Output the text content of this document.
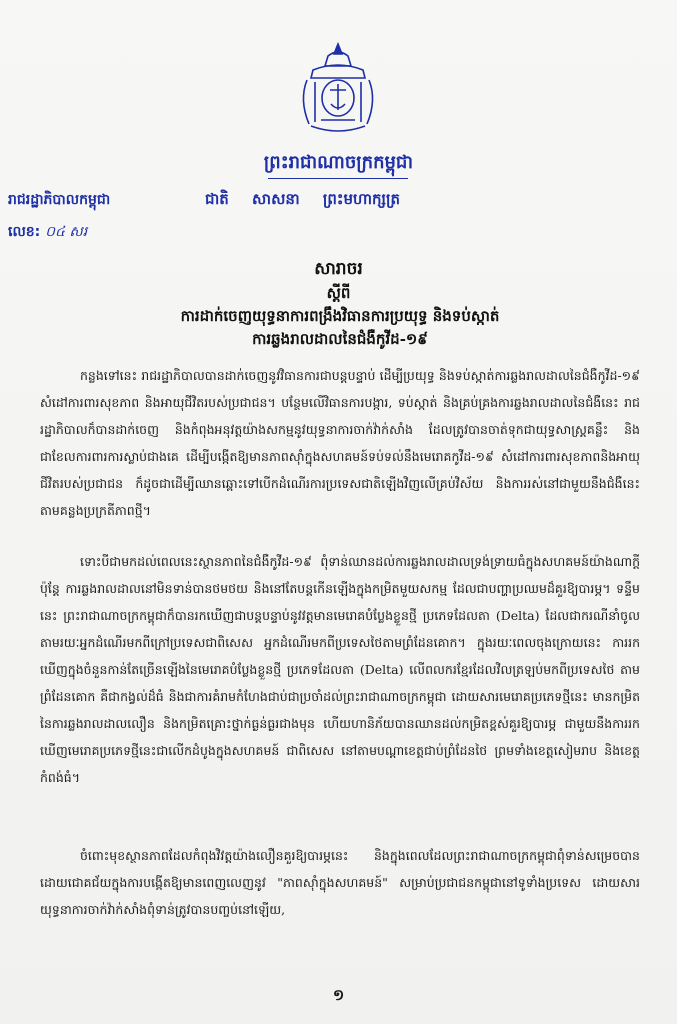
ព្រះរាជាណាចក្រកម្ពុជា
រាជរដ្ឋាភិបាលកម្ពុជា	ជាតិ សាសនា ព្រះមហាក្សត្រ
លេខ: ០៤ សរ
សារាចរ
ស្តីពី
ការដាក់ចេញយុទ្ធនាការពង្រឹងវិធានការប្រយុទ្ធ និងទប់ស្កាត់
ការឆ្លងរាលដាលនៃជំងឺកូវីដ-១៩
កន្លងទៅនេះ រាជរដ្ឋាភិបាលបានដាក់ចេញនូវវិធានការជាបន្តបន្ទាប់ ដើម្បីប្រយុទ្ធ និងទប់ស្កាត់ការឆ្លងរាលដាលនៃជំងឺកូវីដ-១៩ សំដៅការពារសុខភាព និងអាយុជីវិតរបស់ប្រជាជន។ បន្ថែមលើវិធានការបង្ការ, ទប់ស្កាត់ និងគ្រប់គ្រងការឆ្លងរាលដាលនៃជំងឺនេះ រាជរដ្ឋាភិបាលក៏បានដាក់ចេញ និងកំពុងអនុវត្តយ៉ាងសកម្មនូវយុទ្ធនាការចាក់វ៉ាក់សាំង ដែលត្រូវបានចាត់ទុកជាយុទ្ធសាស្ត្រគន្លឹះ និងជាខែលការពារការស្លាប់ជាងគេ ដើម្បីបង្កើតឱ្យមានភាពស៊ាំក្នុងសហគមន៍ទប់ទល់នឹងមេរោគកូវីដ-១៩ សំដៅការពារសុខភាពនិងអាយុជីវិតរបស់ប្រជាជន ក៏ដូចជាដើម្បីឈានឆ្ពោះទៅបើកដំណើរការប្រទេសជាតិឡើងវិញលើគ្រប់វិស័យ និងការរស់នៅជាមួយនឹងជំងឺនេះតាមគន្លងប្រក្រតីភាពថ្មី។
ទោះបីជាមកដល់ពេលនេះស្ថានភាពនៃជំងឺកូវីដ-១៩ ពុំទាន់ឈានដល់ការឆ្លងរាលដាលទ្រង់ទ្រាយធំក្នុងសហគមន៍យ៉ាងណាក្តី ប៉ុន្តែ ការឆ្លងរាលដាលនៅមិនទាន់បានថមថយ និងនៅតែបន្តកើនឡើងក្នុងកម្រិតមួយសកម្ម ដែលជាបញ្ហាប្រឈមដ៏គួរឱ្យបារម្ភ។ ទន្ទឹមនេះ ព្រះរាជាណាចក្រកម្ពុជាក៏បានរកឃើញជាបន្តបន្ទាប់នូវវត្តមានមេរោគបំប្លែងខ្លួនថ្មី ប្រភេទដែលតា (Delta) ដែលជាករណីនាំចូលតាមរយៈអ្នកដំណើរមកពីក្រៅប្រទេសជាពិសេស អ្នកដំណើរមកពីប្រទេសថៃតាមព្រំដែនគោក។ ក្នុងរយៈពេលចុងក្រោយនេះ ការរកឃើញក្នុងចំនួនកាន់តែច្រើនឡើងនៃមេរោគបំប្លែងខ្លួនថ្មី ប្រភេទដែលតា (Delta) លើពលករខ្មែរដែលវិលត្រឡប់មកពីប្រទេសថៃ តាមព្រំដែនគោក គឺជាកង្វល់ដ៏ធំ និងជាការគំរាមកំហែងជាប់ជាប្រចាំដល់ព្រះរាជាណាចក្រកម្ពុជា ដោយសារមេរោគប្រភេទថ្មីនេះ មានកម្រិតនៃការឆ្លងរាលដាលលឿន និងកម្រិតគ្រោះថ្នាក់ធ្ងន់ធ្ងរជាងមុន ហើយហានិភ័យបានឈានដល់កម្រិតខ្ពស់គួរឱ្យបារម្ភ ជាមួយនឹងការរកឃើញមេរោគប្រភេទថ្មីនេះជាលើកដំបូងក្នុងសហគមន៍ ជាពិសេស នៅតាមបណ្តាខេត្តជាប់ព្រំដែនថៃ ព្រមទាំងខេត្តសៀមរាប និងខេត្តកំពង់ធំ។
ចំពោះមុខស្ថានភាពដែលកំពុងវិវត្តយ៉ាងលឿនគួរឱ្យបារម្ភនេះ និងក្នុងពេលដែលព្រះរាជាណាចក្រកម្ពុជាពុំទាន់សម្រេចបានដោយជោគជ័យក្នុងការបង្កើតឱ្យមានពេញលេញនូវ "ភាពស៊ាំក្នុងសហគមន៍" សម្រាប់ប្រជាជនកម្ពុជានៅទូទាំងប្រទេស ដោយសារយុទ្ធនាការចាក់វ៉ាក់សាំងពុំទាន់ត្រូវបានបញ្ចប់នៅឡើយ,
១
